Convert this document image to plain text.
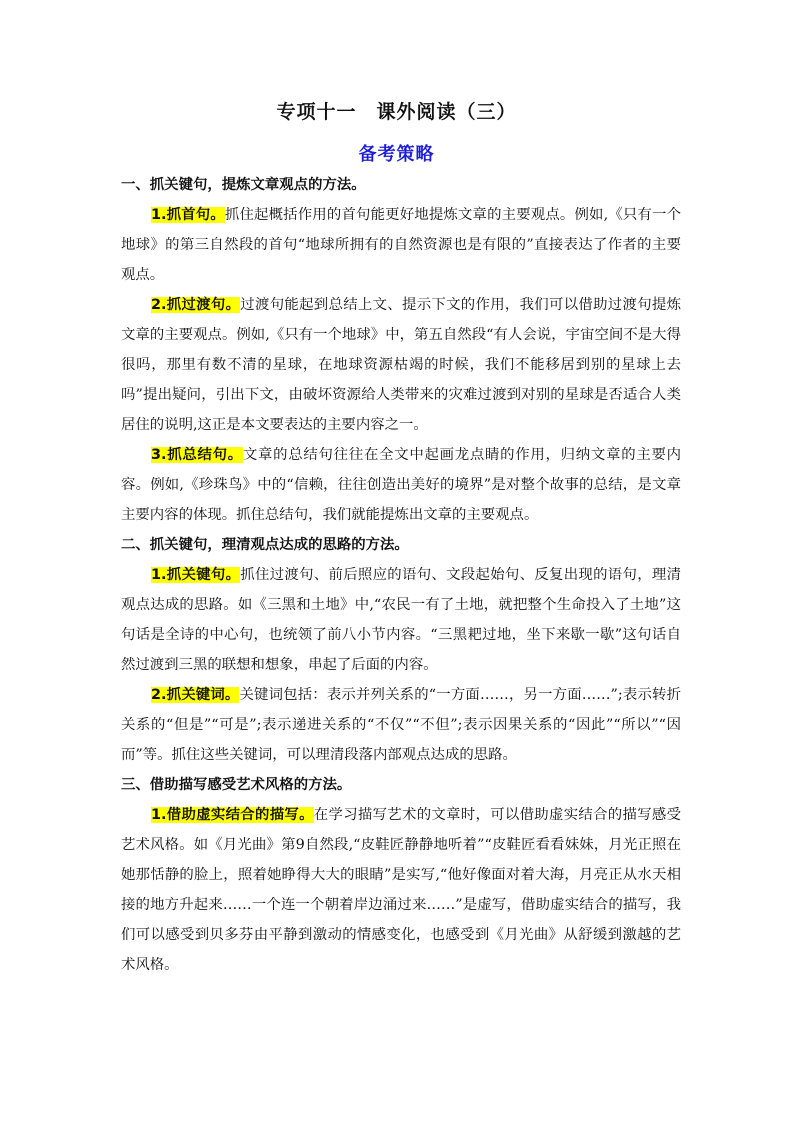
专项十一　课外阅读（三）
备考策略
一、抓关键句，提炼文章观点的方法。

1.抓首句。抓住起概括作用的首句能更好地提炼文章的主要观点。例如,《只有一个地球》的第三自然段的首句“地球所拥有的自然资源也是有限的”直接表达了作者的主要观点。

2.抓过渡句。过渡句能起到总结上文、提示下文的作用，我们可以借助过渡句提炼文章的主要观点。例如,《只有一个地球》中，第五自然段“有人会说，宇宙空间不是大得很吗，那里有数不清的星球，在地球资源枯竭的时候，我们不能移居到别的星球上去吗”提出疑问，引出下文，由破坏资源给人类带来的灾难过渡到对别的星球是否适合人类居住的说明,这正是本文要表达的主要内容之一。

3.抓总结句。文章的总结句往往在全文中起画龙点睛的作用，归纳文章的主要内容。例如,《珍珠鸟》中的“信赖，往往创造出美好的境界”是对整个故事的总结，是文章主要内容的体现。抓住总结句，我们就能提炼出文章的主要观点。

二、抓关键句，理清观点达成的思路的方法。

1.抓关键句。抓住过渡句、前后照应的语句、文段起始句、反复出现的语句，理清观点达成的思路。如《三黑和土地》中,“农民一有了土地，就把整个生命投入了土地”这句话是全诗的中心句，也统领了前八小节内容。“三黑耙过地，坐下来歇一歇”这句话自然过渡到三黑的联想和想象，串起了后面的内容。

2.抓关键词。关键词包括：表示并列关系的“一方面……，另一方面……”;表示转折关系的“但是”“可是”;表示递进关系的“不仅”“不但”;表示因果关系的“因此”“所以”“因而”等。抓住这些关键词，可以理清段落内部观点达成的思路。

三、借助描写感受艺术风格的方法。

1.借助虚实结合的描写。在学习描写艺术的文章时，可以借助虚实结合的描写感受艺术风格。如《月光曲》第9自然段,“皮鞋匠静静地听着”“皮鞋匠看看妹妹，月光正照在她那恬静的脸上，照着她睁得大大的眼睛”是实写,“他好像面对着大海，月亮正从水天相接的地方升起来……一个连一个朝着岸边涌过来……”是虚写，借助虚实结合的描写，我们可以感受到贝多芬由平静到激动的情感变化，也感受到《月光曲》从舒缓到激越的艺术风格。
